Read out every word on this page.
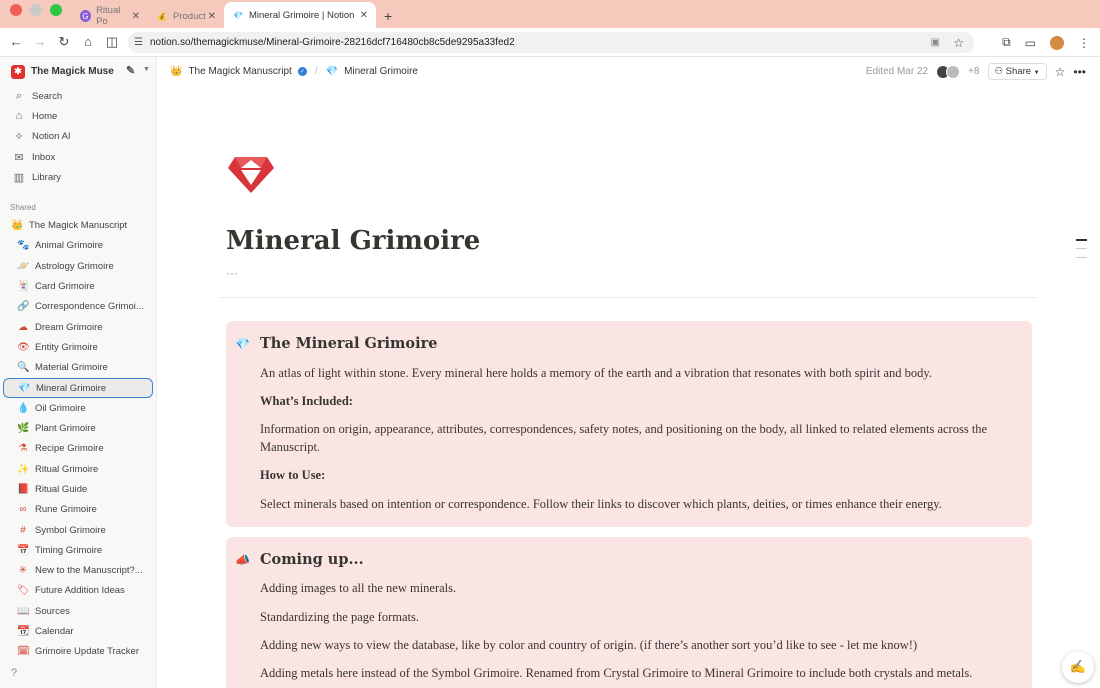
G Ritual Po	✕ 💰 Product ✕ 💎 Mineral Grimoire | Notion ✕ +
← → ↻ ⌂ ◫ ☰ notion.so/themagickmuse/Mineral-Grimoire-28216dcf716480cb8c5de9295a33fed2	▣ ☆	⧉ ▭	⋮
✱ The Magick Muse ✎ ▼
⌕	Search
⌂	Home
✧ Notion AI
✉ Inbox
▥ Library
Shared
👑 The Magick Manuscript
🐾 Animal Grimoire
🪐 Astrology Grimoire
🃏 Card Grimoire
🔗 Correspondence Grimoi...
☁ Dream Grimoire
👁 Entity Grimoire
🔍 Material Grimoire
💎 Mineral Grimoire
💧 Oil Grimoire
🌿 Plant Grimoire
⚗ Recipe Grimoire
✨ Ritual Grimoire
📕 Ritual Guide
∞ Rune Grimoire
# Symbol Grimoire
📅 Timing Grimoire
✳ New to the Manuscript?...
🏷 Future Addition Ideas
📖 Sources
📆 Calendar
🗓 Grimoire Update Tracker
?
👑 The Magick Manuscript	✓ / 💎 Mineral Grimoire	Edited Mar 22	+8	⚇ Share ▼	☆ •••
Mineral Grimoire
···
💎 The Mineral Grimoire
An atlas of light within stone. Every mineral here holds a memory of the earth and a vibration that resonates with both spirit and body.
What’s Included:
Information on origin, appearance, attributes, correspondences, safety notes, and positioning on the body, all linked to related elements across the Manuscript.
How to Use:
Select minerals based on intention or correspondence. Follow their links to discover which plants, deities, or times enhance their energy.
📣 Coming up...
Adding images to all the new minerals.
Standardizing the page formats.
Adding new ways to view the database, like by color and country of origin. (if there’s another sort you’d like to see - let me know!)
Adding metals here instead of the Symbol Grimoire. Renamed from Crystal Grimoire to Mineral Grimoire to include both crystals and metals.	✍
